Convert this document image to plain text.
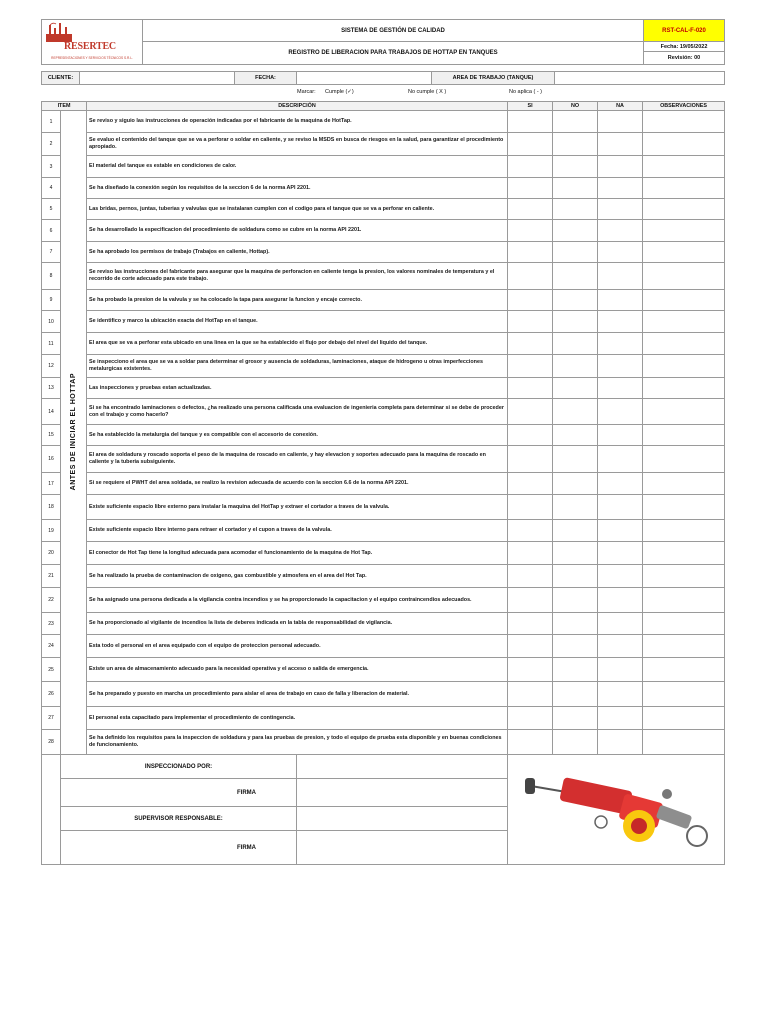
RESERTEC
REPRESENTACIONES Y SERVICIOS TÉCNICOS S.R.L.	SISTEMA DE GESTIÓN DE CALIDAD	RST-CAL-F-020
	REGISTRO DE LIBERACION PARA TRABAJOS DE HOTTAP EN TANQUES	Fecha: 19/05/2022
		Revisión: 00
CLIENTE:		FECHA:		AREA DE TRABAJO (TANQUE)	
Marcar: Cumple (✓)	No cumple ( X )	No aplica ( - )
ITEM		DESCRIPCIÓN	SI	NO	NA	OBSERVACIONES
1	ANTES DE INICIAR EL HOTTAP	Se reviso y siguio las instrucciones de operación indicadas por el fabricante de la maquina de HotTap.				
2		Se evaluo el contenido del tanque que se va a perforar o soldar en caliente, y se reviso la MSDS en busca de riesgos en la salud, para garantizar el procedimiento apropiado.				
3		El material del tanque es estable en condiciones de calor.				
4		Se ha diseñado la conexión según los requisitos de la seccion 6 de la norma API 2201.				
5		Las bridas, pernos, juntas, tuberias y valvulas que se instalaran cumplen con el codigo para el tanque que se va a perforar en caliente.				
6		Se ha desarrollado la especificacion del procedimiento de soldadura como se cubre en la norma API 2201.				
7		Se ha aprobado los permisos de trabajo (Trabajos en caliente, Hottap).				
8		Se reviso las instrucciones del fabricante para asegurar que la maquina de perforacion en caliente tenga la presion, los valores nominales de temperatura y el recorrido de corte adecuado para este trabajo.				
9		Se ha probado la presion de la valvula y se ha colocado la tapa para asegurar la funcion y encaje correcto.				
10		Se identifico y marco la ubicación exacta del HotTap en el tanque.				
11		El area que se va a perforar esta ubicado en una linea en la que se ha establecido el flujo por debajo del nivel del liquido del tanque.				
12		Se inspecciono el area que se va a soldar para determinar el grosor y ausencia de soldaduras, laminaciones, ataque de hidrogeno u otras imperfecciones metalurgicas existentes.				
13		Las inspecciones y pruebas estan actualizadas.				
14		Si se ha encontrado laminaciones o defectos, ¿ha realizado una persona calificada una evaluacion de ingenieria completa para determinar si se debe de proceder con el trabajo y como hacerlo?				
15		Se ha establecido la metalurgia del tanque y es compatible con el accesorio de conexión.				
16		El area de soldadura y roscado soporta el peso de la maquina de roscado en caliente, y hay elevacion y soportes adecuado para la maquina de roscado en caliente y la tuberia subsiguiente.				
17		Si se requiere el PWHT del area soldada, se realizo la revision adecuada de acuerdo con la seccion 6.6 de la norma API 2201.				
18		Existe suficiente espacio libre externo para instalar la maquina del HotTap y extraer el cortador a traves de la valvula.				
19		Existe suficiente espacio libre interno para retraer el cortador y el cupon a traves de la valvula.				
20		El conector de Hot Tap tiene la longitud adecuada para acomodar el funcionamiento de la maquina de Hot Tap.				
21		Se ha realizado la prueba de contaminacion de oxigeno, gas combustible y atmosfera en el area del Hot Tap.				
22		Se ha asignado una persona dedicada a la vigilancia contra incendios y se ha proporcionado la capacitacion y el equipo contraincendios adecuados.				
23		Se ha proporcionado al vigilante de incendios la lista de deberes indicada en la tabla de responsabilidad de vigilancia.				
24		Esta todo el personal en el area equipado con el equipo de proteccion personal adecuado.				
25		Existe un area de almacenamiento adecuado para la necesidad operativa y el acceso o salida de emergencia.				
26		Se ha preparado y puesto en marcha un procedimiento para aislar el area de trabajo en caso de falla y liberacion de material.				
27		El personal esta capacitado para implementar el procedimiento de contingencia.				
28		Se ha definido los requisitos para la inspeccion de soldadura y para las pruebas de presion, y todo el equipo de prueba esta disponible y en buenas condiciones de funcionamiento.				
	INSPECCIONADO POR:		
	FIRMA		
	SUPERVISOR RESPONSABLE:		
	FIRMA		
